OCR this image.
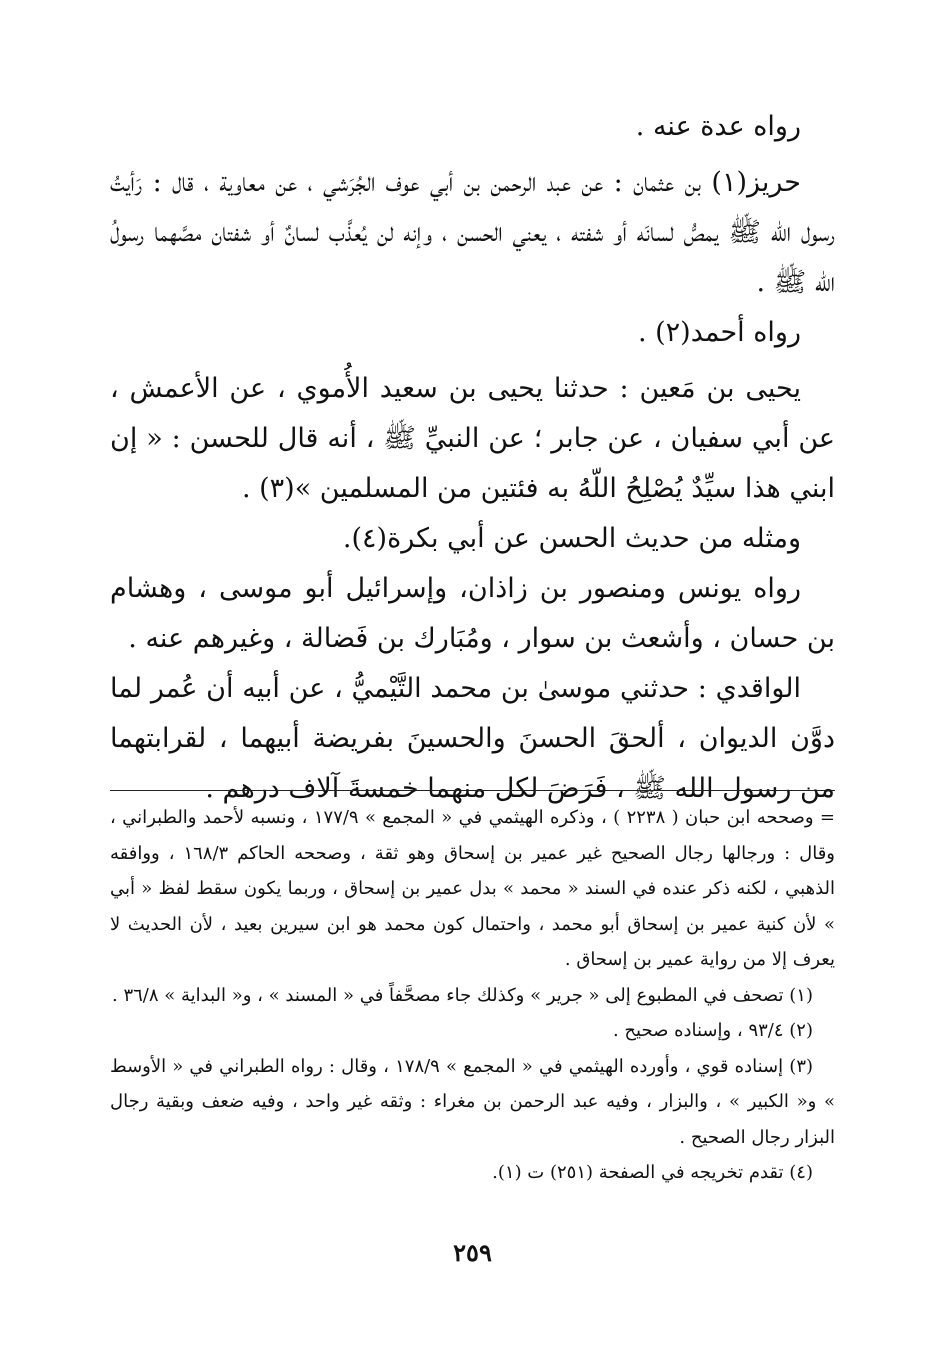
رواه عدة عنه .

حريز(١) بن عثمان : عن عبد الرحمن بن أبي عوف الجُرَشي ، عن معاوية ، قال : رَأيتُ رسول الله ﷺ يمصُّ لسانَه أو شفته ، يعني الحسن ، وإنه لن يُعذَّب لسانٌ أو شفتان مصَّهما رسولُ الله ﷺ .

رواه أحمد(٢) .

يحيى بن مَعين : حدثنا يحيى بن سعيد الأُموي ، عن الأعمش ، عن أبي سفيان ، عن جابر ؛ عن النبيِّ ﷺ ، أنه قال للحسن : « إن ابني هذا سيِّدٌ يُصْلِحُ اللّهُ به فئتين من المسلمين »(٣) .

ومثله من حديث الحسن عن أبي بكرة(٤).

رواه يونس ومنصور بن زاذان، وإسرائيل أبو موسى ، وهشام بن حسان ، وأشعث بن سوار ، ومُبَارك بن فَضالة ، وغيرهم عنه .

الواقدي : حدثني موسىٰ بن محمد التَّيْميُّ ، عن أبيه أن عُمر لما دوَّن الديوان ، ألحقَ الحسنَ والحسينَ بفريضة أبيهما ، لقرابتهما من رسول الله ﷺ ، فَرَضَ لكل منهما خمسةَ آلاف درهم .

= وصححه ابن حبان ( ٢٢٣٨ ) ، وذكره الهيثمي في « المجمع » ١٧٧/٩ ، ونسبه لأحمد والطبراني ، وقال : ورجالها رجال الصحيح غير عمير بن إسحاق وهو ثقة ، وصححه الحاكم ١٦٨/٣ ، ووافقه الذهبي ، لكنه ذكر عنده في السند « محمد » بدل عمير بن إسحاق ، وربما يكون سقط لفظ « أبي » لأن كنية عمير بن إسحاق أبو محمد ، واحتمال كون محمد هو ابن سيرين بعيد ، لأن الحديث لا يعرف إلا من رواية عمير بن إسحاق .

(١) تصحف في المطبوع إلى « جرير » وكذلك جاء مصحَّفاً في « المسند » ، و« البداية » ٣٦/٨ .

(٢) ٩٣/٤ ، وإسناده صحيح .

(٣) إسناده قوي ، وأورده الهيثمي في « المجمع » ١٧٨/٩ ، وقال : رواه الطبراني في « الأوسط » و« الكبير » ، والبزار ، وفيه عبد الرحمن بن مغراء : وثقه غير واحد ، وفيه ضعف وبقية رجال البزار رجال الصحيح .

(٤) تقدم تخريجه في الصفحة (٢٥١) ت (١).

٢٥٩
